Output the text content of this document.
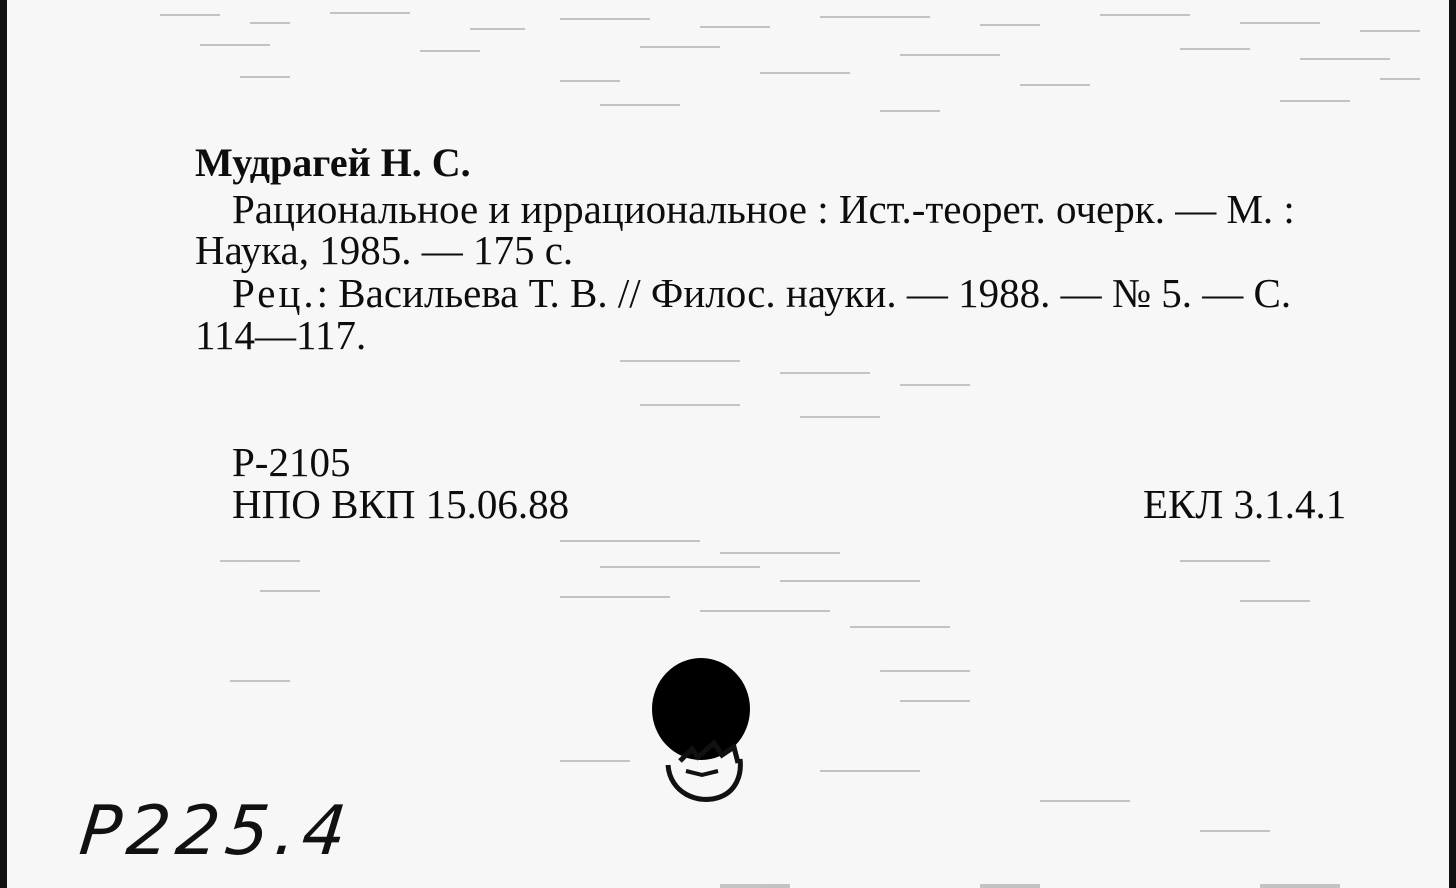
Мудрагей Н. С.
Рациональное и иррациональное : Ист.-теорет. очерк. — М. :
Наука, 1985. — 175 с.
Рец.: Васильева Т. В. // Филос. науки. — 1988. — № 5. — С.
114—117.
Р-2105
НПО ВКП 15.06.88	ЕКЛ 3.1.4.1
P225.4
